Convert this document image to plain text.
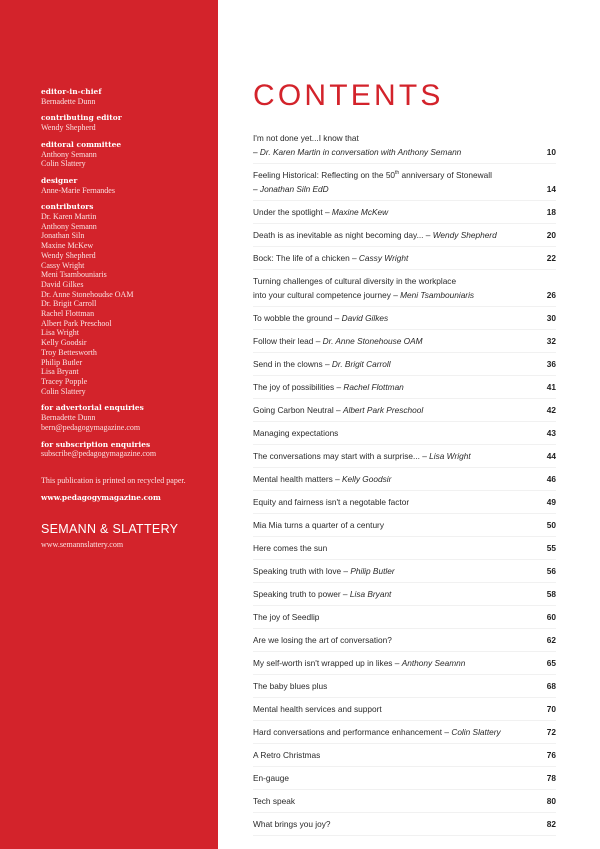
editor-in-chief
Bernadette Dunn
contributing editor
Wendy Shepherd
editoral committee
Anthony Semann
Colin Slattery
designer
Anne-Marie Fernandes
contributors
Dr. Karen Martin
Anthony Semann
Jonathan Siln
Maxine McKew
Wendy Shepherd
Cassy Wright
Meni Tsambouniaris
David Gilkes
Dr. Anne Stonehoudse OAM
Dr. Brigit Carroll
Rachel Flottman
Albert Park Preschool
Lisa Wright
Kelly Goodsir
Troy Bettesworth
Philip Butler
Lisa Bryant
Tracey Popple
Colin Slattery
for advertorial enquiries
Bernadette Dunn
bern@pedagogymagazine.com
for subscription enquiries
subscribe@pedagogymagazine.com
This publication is printed on recycled paper.
www.pedagogymagazine.com
SEMANN & SLATTERY
www.semannslattery.com
CONTENTS
I'm not done yet...I know that
– Dr. Karen Martin in conversation with Anthony Semann	10
Feeling Historical: Reflecting on the 50th anniversary of Stonewall
– Jonathan Siln EdD	14
Under the spotlight – Maxine McKew	18
Death is as inevitable as night becoming day... – Wendy Shepherd	20
Bock: The life of a chicken – Cassy Wright	22
Turning challenges of cultural diversity in the workplace
into your cultural competence journey – Meni Tsambouniaris	26
To wobble the ground – David Gilkes	30
Follow their lead – Dr. Anne Stonehouse OAM	32
Send in the clowns – Dr. Brigit Carroll	36
The joy of possibilities – Rachel Flottman	41
Going Carbon Neutral – Albert Park Preschool	42
Managing expectations	43
The conversations may start with a surprise... – Lisa Wright	44
Mental health matters – Kelly Goodsir	46
Equity and fairness isn't a negotable factor	49
Mia Mia turns a quarter of a century	50
Here comes the sun	55
Speaking truth with love – Philip Butler	56
Speaking truth to power – Lisa Bryant	58
The joy of Seedlip	60
Are we losing the art of conversation?	62
My self-worth isn't wrapped up in likes – Anthony Seamnn	65
The baby blues plus	68
Mental health services and support	70
Hard conversations and performance enhancement – Colin Slattery	72
A Retro Christmas	76
En-gauge	78
Tech speak	80
What brings you joy?	82
